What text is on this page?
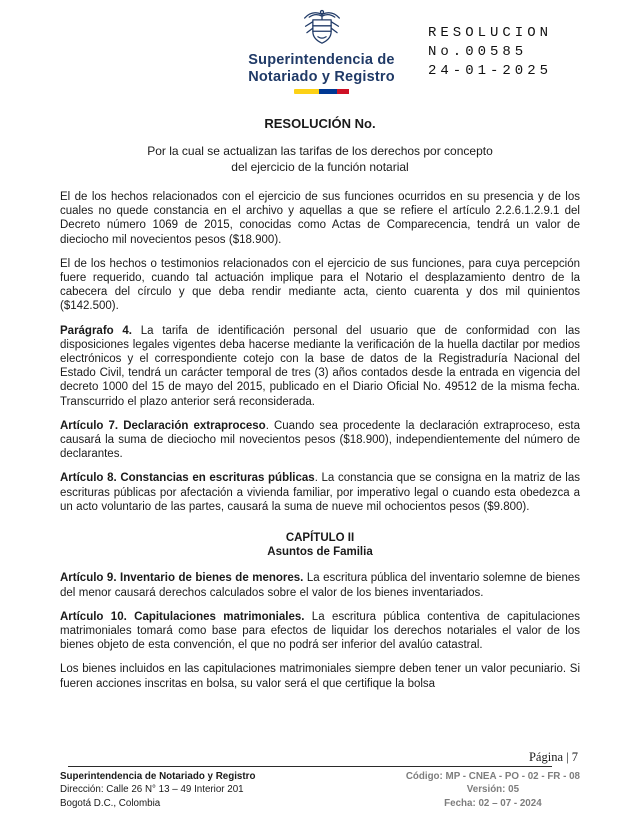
Superintendencia de
Notariado y Registro
RESOLUCION
No.00585
24-01-2025
RESOLUCIÓN No.
Por la cual se actualizan las tarifas de los derechos por concepto
del ejercicio de la función notarial

El de los hechos relacionados con el ejercicio de sus funciones ocurridos en su presencia y de los cuales no quede constancia en el archivo y aquellas a que se refiere el artículo 2.2.6.1.2.9.1 del Decreto número 1069 de 2015, conocidas como Actas de Comparecencia, tendrá un valor de dieciocho mil novecientos pesos ($18.900).

El de los hechos o testimonios relacionados con el ejercicio de sus funciones, para cuya percepción fuere requerido, cuando tal actuación implique para el Notario el desplazamiento dentro de la cabecera del círculo y que deba rendir mediante acta, ciento cuarenta y dos mil quinientos ($142.500).

Parágrafo 4. La tarifa de identificación personal del usuario que de conformidad con las disposiciones legales vigentes deba hacerse mediante la verificación de la huella dactilar por medios electrónicos y el correspondiente cotejo con la base de datos de la Registraduría Nacional del Estado Civil, tendrá un carácter temporal de tres (3) años contados desde la entrada en vigencia del decreto 1000 del 15 de mayo del 2015, publicado en el Diario Oficial No. 49512 de la misma fecha. Transcurrido el plazo anterior será reconsiderada.

Artículo 7. Declaración extraproceso. Cuando sea procedente la declaración extraproceso, esta causará la suma de dieciocho mil novecientos pesos ($18.900), independientemente del número de declarantes.

Artículo 8. Constancias en escrituras públicas. La constancia que se consigna en la matriz de las escrituras públicas por afectación a vivienda familiar, por imperativo legal o cuando esta obedezca a un acto voluntario de las partes, causará la suma de nueve mil ochocientos pesos ($9.800).

CAPÍTULO II
Asuntos de Familia

Artículo 9. Inventario de bienes de menores. La escritura pública del inventario solemne de bienes del menor causará derechos calculados sobre el valor de los bienes inventariados.

Artículo 10. Capitulaciones matrimoniales. La escritura pública contentiva de capitulaciones matrimoniales tomará como base para efectos de liquidar los derechos notariales el valor de los bienes objeto de esta convención, el que no podrá ser inferior del avalúo catastral.

Los bienes incluidos en las capitulaciones matrimoniales siempre deben tener un valor pecuniario. Si fueren acciones inscritas en bolsa, su valor será el que certifique la bolsa

Página | 7
Superintendencia de Notariado y Registro
Dirección: Calle 26 N° 13 – 49 Interior 201
Bogotá D.C., Colombia
Código: MP - CNEA - PO - 02 - FR - 08
Versión: 05
Fecha: 02 – 07 - 2024
